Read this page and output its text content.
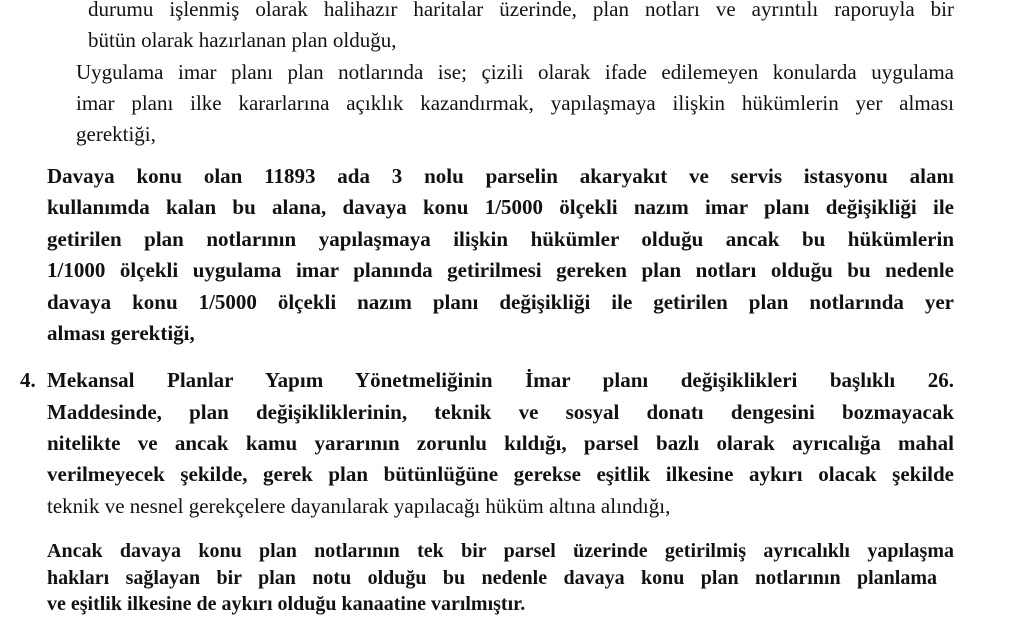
durumu işlenmiş olarak halihazır haritalar üzerinde, plan notları ve ayrıntılı raporuyla bir
bütün olarak hazırlanan plan olduğu,
Uygulama imar planı plan notlarında ise; çizili olarak ifade edilemeyen konularda uygulama
imar planı ilke kararlarına açıklık kazandırmak, yapılaşmaya ilişkin hükümlerin yer alması
gerektiği,
Davaya konu olan 11893 ada 3 nolu parselin akaryakıt ve servis istasyonu alanı
kullanımda kalan bu alana, davaya konu 1/5000 ölçekli nazım imar planı değişikliği ile
getirilen plan notlarının yapılaşmaya ilişkin hükümler olduğu ancak bu hükümlerin
1/1000 ölçekli uygulama imar planında getirilmesi gereken plan notları olduğu bu nedenle
davaya konu 1/5000 ölçekli nazım planı değişikliği ile getirilen plan notlarında yer
alması gerektiği,
4. Mekansal Planlar Yapım Yönetmeliğinin İmar planı değişiklikleri başlıklı 26.
Maddesinde, plan değişikliklerinin, teknik ve sosyal donatı dengesini bozmayacak
nitelikte ve ancak kamu yararının zorunlu kıldığı, parsel bazlı olarak ayrıcalığa mahal
verilmeyecek şekilde, gerek plan bütünlüğüne gerekse eşitlik ilkesine aykırı olacak şekilde
teknik ve nesnel gerekçelere dayanılarak yapılacağı hüküm altına alındığı,
Ancak davaya konu plan notlarının tek bir parsel üzerinde getirilmiş ayrıcalıklı yapılaşma
hakları sağlayan bir plan notu olduğu bu nedenle davaya konu plan notlarının planlama
ve eşitlik ilkesine de aykırı olduğu kanaatine varılmıştır.
